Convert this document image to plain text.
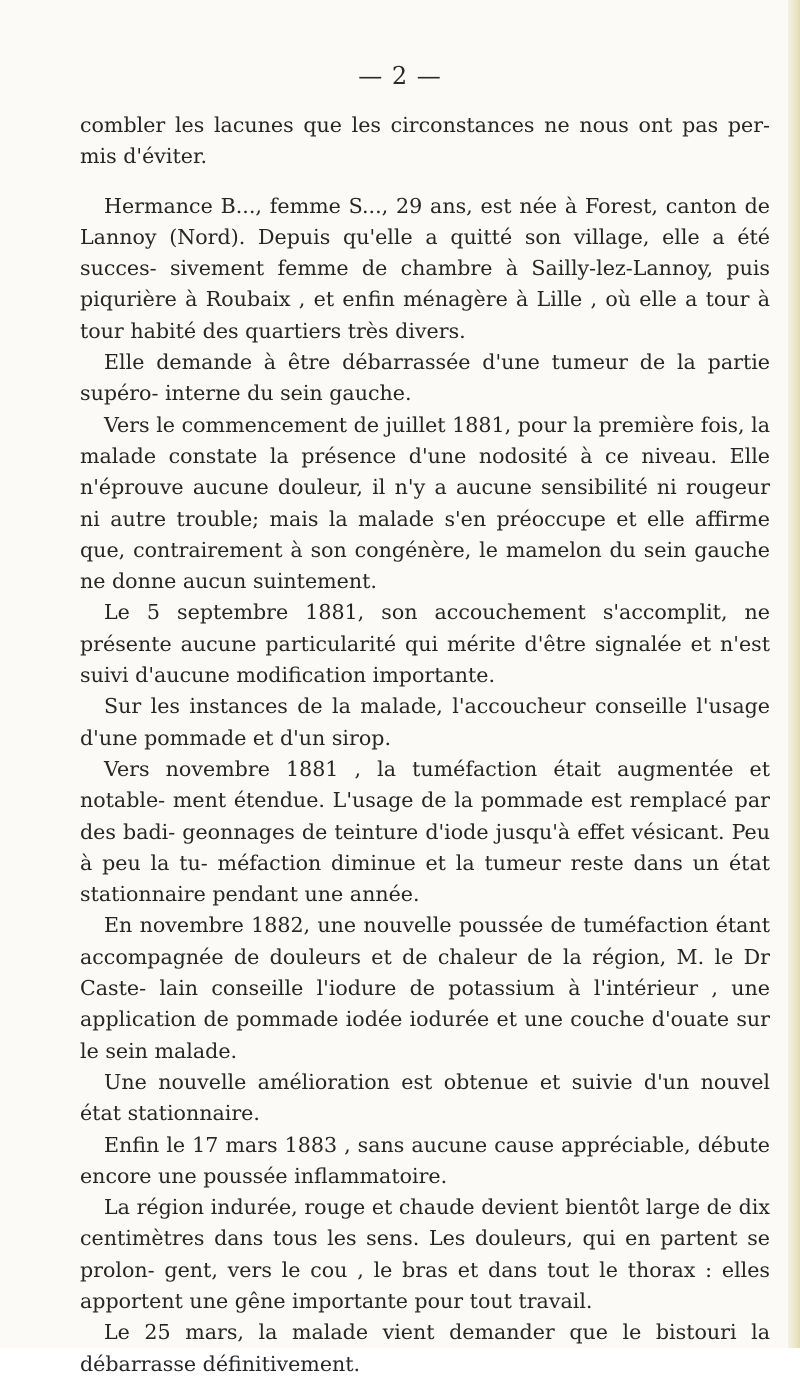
— 2 —

combler les lacunes que les circonstances ne nous ont pas per- mis d'éviter.

Hermance B..., femme S..., 29 ans, est née à Forest, canton de Lannoy (Nord). Depuis qu'elle a quitté son village, elle a été succes- sivement femme de chambre à Sailly-lez-Lannoy, puis piqurière à Roubaix , et enfin ménagère à Lille , où elle a tour à tour habité des quartiers très divers.

Elle demande à être débarrassée d'une tumeur de la partie supéro- interne du sein gauche.

Vers le commencement de juillet 1881, pour la première fois, la malade constate la présence d'une nodosité à ce niveau. Elle n'éprouve aucune douleur, il n'y a aucune sensibilité ni rougeur ni autre trouble; mais la malade s'en préoccupe et elle affirme que, contrairement à son congénère, le mamelon du sein gauche ne donne aucun suintement.

Le 5 septembre 1881, son accouchement s'accomplit, ne présente aucune particularité qui mérite d'être signalée et n'est suivi d'aucune modification importante.

Sur les instances de la malade, l'accoucheur conseille l'usage d'une pommade et d'un sirop.

Vers novembre 1881 , la tuméfaction était augmentée et notable- ment étendue. L'usage de la pommade est remplacé par des badi- geonnages de teinture d'iode jusqu'à effet vésicant. Peu à peu la tu- méfaction diminue et la tumeur reste dans un état stationnaire pendant une année.

En novembre 1882, une nouvelle poussée de tuméfaction étant accompagnée de douleurs et de chaleur de la région, M. le Dr Caste- lain conseille l'iodure de potassium à l'intérieur , une application de pommade iodée iodurée et une couche d'ouate sur le sein malade.

Une nouvelle amélioration est obtenue et suivie d'un nouvel état stationnaire.

Enfin le 17 mars 1883 , sans aucune cause appréciable, débute encore une poussée inflammatoire.

La région indurée, rouge et chaude devient bientôt large de dix centimètres dans tous les sens. Les douleurs, qui en partent se prolon- gent, vers le cou , le bras et dans tout le thorax : elles apportent une gêne importante pour tout travail.

Le 25 mars, la malade vient demander que le bistouri la débarrasse définitivement.
